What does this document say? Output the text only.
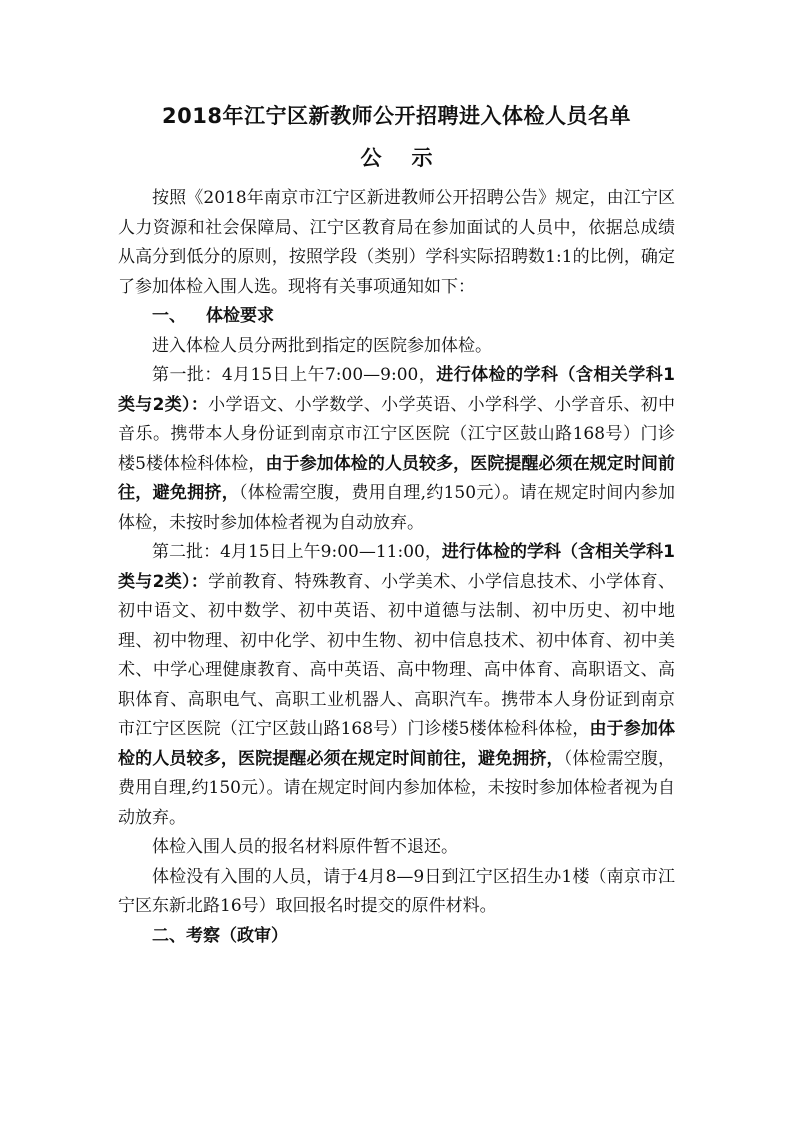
2018年江宁区新教师公开招聘进入体检人员名单
公示

按照《2018年南京市江宁区新进教师公开招聘公告》规定，由江宁区人力资源和社会保障局、江宁区教育局在参加面试的人员中，依据总成绩从高分到低分的原则，按照学段（类别）学科实际招聘数1:1的比例，确定了参加体检入围人选。现将有关事项通知如下：

一、 体检要求

进入体检人员分两批到指定的医院参加体检。

第一批：4月15日上午7:00—9:00，进行体检的学科（含相关学科1类与2类）：小学语文、小学数学、小学英语、小学科学、小学音乐、初中音乐。携带本人身份证到南京市江宁区医院（江宁区鼓山路168号）门诊楼5楼体检科体检，由于参加体检的人员较多，医院提醒必须在规定时间前往，避免拥挤，（体检需空腹，费用自理,约150元）。请在规定时间内参加体检，未按时参加体检者视为自动放弃。

第二批：4月15日上午9:00—11:00，进行体检的学科（含相关学科1类与2类）：学前教育、特殊教育、小学美术、小学信息技术、小学体育、初中语文、初中数学、初中英语、初中道德与法制、初中历史、初中地理、初中物理、初中化学、初中生物、初中信息技术、初中体育、初中美术、中学心理健康教育、高中英语、高中物理、高中体育、高职语文、高职体育、高职电气、高职工业机器人、高职汽车。携带本人身份证到南京市江宁区医院（江宁区鼓山路168号）门诊楼5楼体检科体检，由于参加体检的人员较多，医院提醒必须在规定时间前往，避免拥挤，（体检需空腹，费用自理,约150元）。请在规定时间内参加体检，未按时参加体检者视为自动放弃。

体检入围人员的报名材料原件暂不退还。

体检没有入围的人员，请于4月8—9日到江宁区招生办1楼（南京市江宁区东新北路16号）取回报名时提交的原件材料。

二、考察（政审）
